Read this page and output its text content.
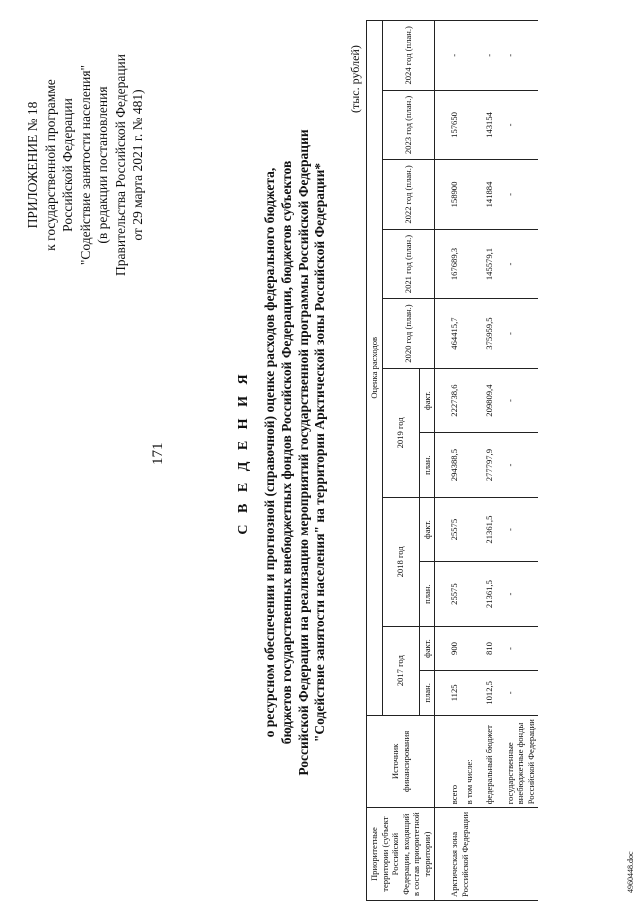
171
ПРИЛОЖЕНИЕ № 18 к государственной программе Российской Федерации "Содействие занятости населения" (в редакции постановления Правительства Российской Федерации от 29 марта 2021 г. № 481)
С В Е Д Е Н И Я о ресурсном обеспечении и прогнозной (справочной) оценке расходов федерального бюджета, бюджетов государственных внебюджетных фондов Российской Федерации, бюджетов субъектов Российской Федерации на реализацию мероприятий государственной программы Российской Федерации "Содействие занятости населения" на территории Арктической зоны Российской Федерации*
(тыс. рублей)
Приоритетные территории (субъект Российской Федерации, входящий в состав приоритетной территории)	Источник финансирования	Оценка расходов										
		2017 год		2018 год		2019 год		2020 год (план.)	2021 год (план.)	2022 год (план.)	2023 год (план.)	2024 год (план.)
		план.	факт.	план.	факт.	план.	факт.					

Арктическая зона Российской Федерации	всего	1125	900	25575	25575	294388,5	222738,6	464415,7	167689,3	158900	157650	-
	в том числе:											
	федеральный бюджет	1012,5	810	21361,5	21361,5	277797,9	209809,4	375959,5	145579,1	141884	143154	-
	государственные внебюджетные фонды Российской Федерации	-	-	-	-	-	-	-	-	-	-	-
4960448.doc
